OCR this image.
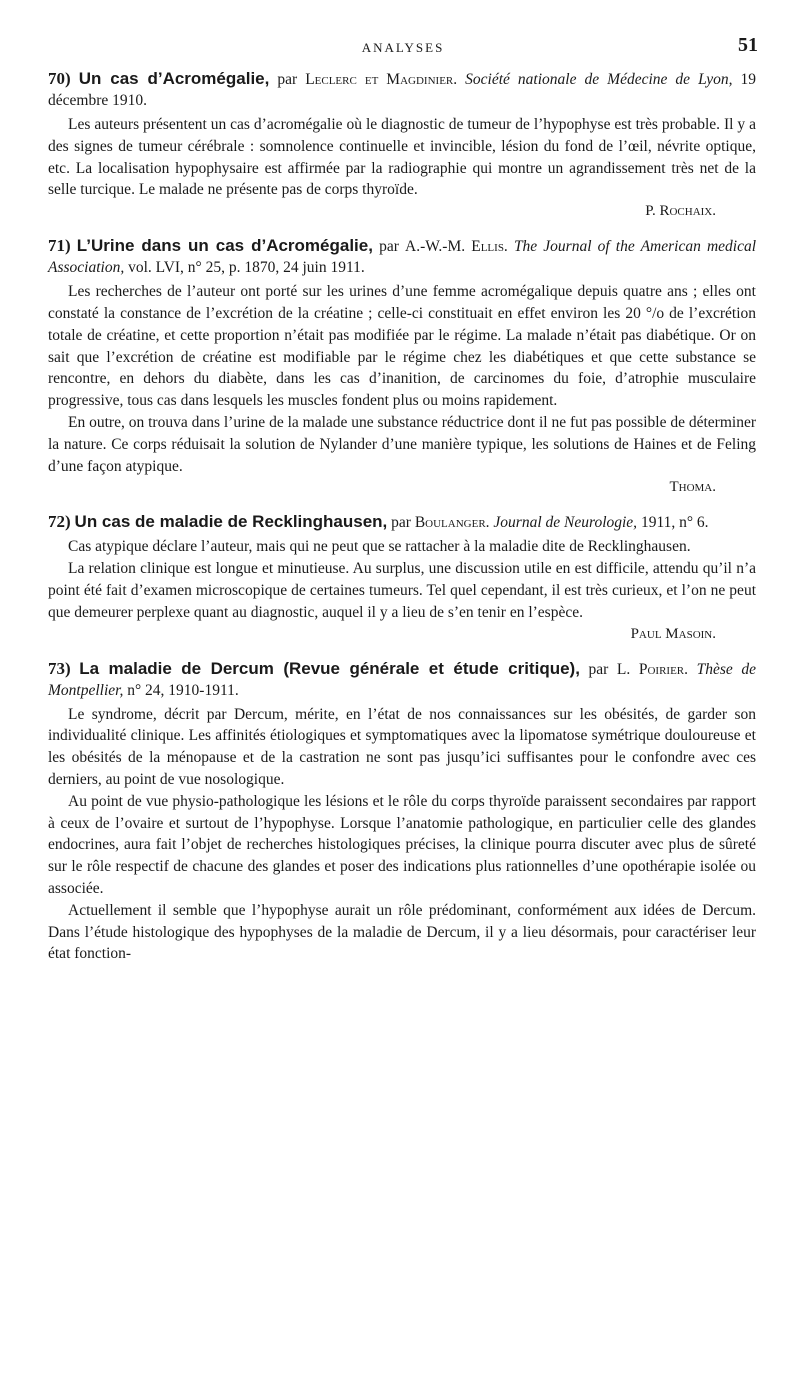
ANALYSES	51

70) Un cas d’Acromégalie, par Leclerc et Magdinier. Société nationale de Médecine de Lyon, 19 décembre 1910.

Les auteurs présentent un cas d’acromégalie où le diagnostic de tumeur de l’hypophyse est très probable. Il y a des signes de tumeur cérébrale : somnolence continuelle et invincible, lésion du fond de l’œil, névrite optique, etc. La localisation hypophysaire est affirmée par la radiographie qui montre un agrandissement très net de la selle turcique. Le malade ne présente pas de corps thyroïde.

P. Rochaix.

71) L’Urine dans un cas d’Acromégalie, par A.-W.-M. Ellis. The Journal of the American medical Association, vol. LVI, n° 25, p. 1870, 24 juin 1911.

Les recherches de l’auteur ont porté sur les urines d’une femme acromégalique depuis quatre ans ; elles ont constaté la constance de l’excrétion de la créatine ; celle-ci constituait en effet environ les 20 °/o de l’excrétion totale de créatine, et cette proportion n’était pas modifiée par le régime. La malade n’était pas diabétique. Or on sait que l’excrétion de créatine est modifiable par le régime chez les diabétiques et que cette substance se rencontre, en dehors du diabète, dans les cas d’inanition, de carcinomes du foie, d’atrophie musculaire progressive, tous cas dans lesquels les muscles fondent plus ou moins rapidement.

En outre, on trouva dans l’urine de la malade une substance réductrice dont il ne fut pas possible de déterminer la nature. Ce corps réduisait la solution de Nylander d’une manière typique, les solutions de Haines et de Feling d’une façon atypique.

Thoma.

72) Un cas de maladie de Recklinghausen, par Boulanger. Journal de Neurologie, 1911, n° 6.

Cas atypique déclare l’auteur, mais qui ne peut que se rattacher à la maladie dite de Recklinghausen.

La relation clinique est longue et minutieuse. Au surplus, une discussion utile en est difficile, attendu qu’il n’a point été fait d’examen microscopique de certaines tumeurs. Tel quel cependant, il est très curieux, et l’on ne peut que demeurer perplexe quant au diagnostic, auquel il y a lieu de s’en tenir en l’espèce.

Paul Masoin.

73) La maladie de Dercum (Revue générale et étude critique), par L. Poirier. Thèse de Montpellier, n° 24, 1910-1911.

Le syndrome, décrit par Dercum, mérite, en l’état de nos connaissances sur les obésités, de garder son individualité clinique. Les affinités étiologiques et symptomatiques avec la lipomatose symétrique douloureuse et les obésités de la ménopause et de la castration ne sont pas jusqu’ici suffisantes pour le confondre avec ces derniers, au point de vue nosologique.

Au point de vue physio-pathologique les lésions et le rôle du corps thyroïde paraissent secondaires par rapport à ceux de l’ovaire et surtout de l’hypophyse. Lorsque l’anatomie pathologique, en particulier celle des glandes endocrines, aura fait l’objet de recherches histologiques précises, la clinique pourra discuter avec plus de sûreté sur le rôle respectif de chacune des glandes et poser des indications plus rationnelles d’une opothérapie isolée ou associée.

Actuellement il semble que l’hypophyse aurait un rôle prédominant, conformément aux idées de Dercum. Dans l’étude histologique des hypophyses de la maladie de Dercum, il y a lieu désormais, pour caractériser leur état fonction-
